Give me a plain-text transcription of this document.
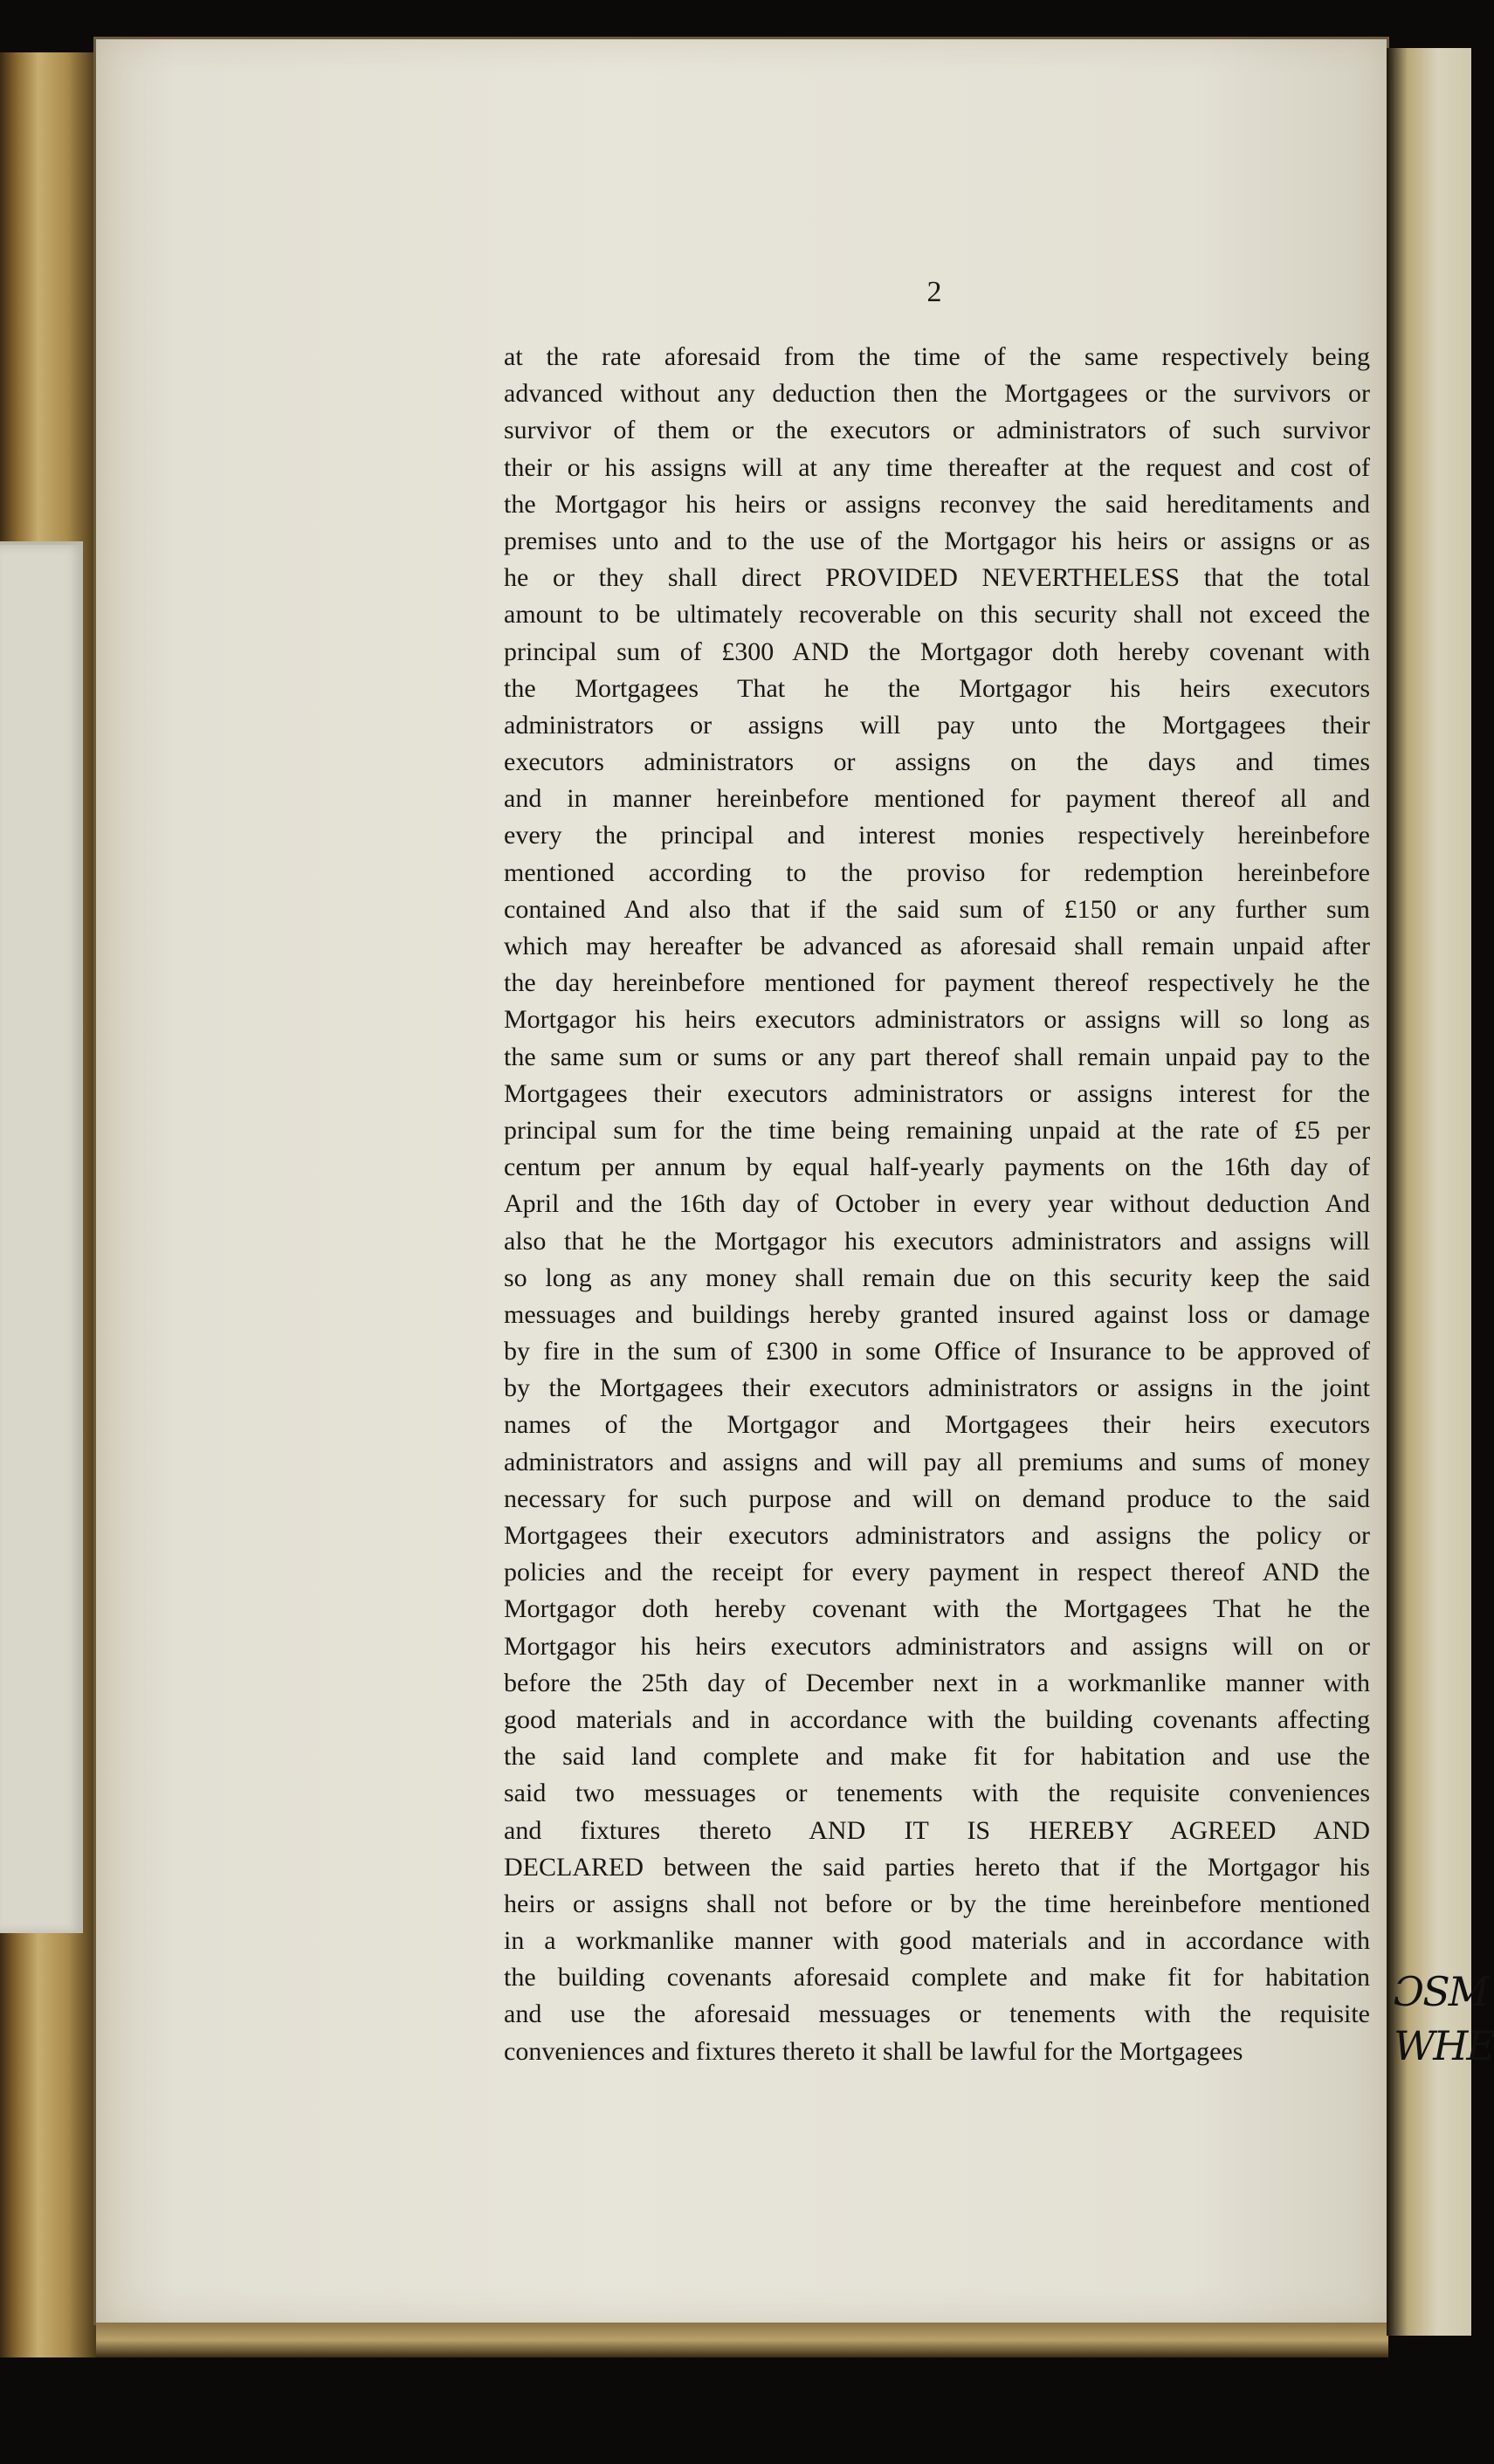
ƆSM
WHE
2
at the rate aforesaid from the time of the same respectively being
advanced without any deduction then the Mortgagees or the survivors or
survivor of them or the executors or administrators of such survivor
their or his assigns will at any time thereafter at the request and cost of
the Mortgagor his heirs or assigns reconvey the said hereditaments and
premises unto and to the use of the Mortgagor his heirs or assigns or as
he or they shall direct PROVIDED NEVERTHELESS that the total
amount to be ultimately recoverable on this security shall not exceed the
principal sum of £300 AND the Mortgagor doth hereby covenant with
the Mortgagees That he the Mortgagor his heirs executors
administrators or assigns will pay unto the Mortgagees their
executors administrators or assigns on the days and times
and in manner hereinbefore mentioned for payment thereof all and
every the principal and interest monies respectively hereinbefore
mentioned according to the proviso for redemption hereinbefore
contained And also that if the said sum of £150 or any further sum
which may hereafter be advanced as aforesaid shall remain unpaid after
the day hereinbefore mentioned for payment thereof respectively he the
Mortgagor his heirs executors administrators or assigns will so long as
the same sum or sums or any part thereof shall remain unpaid pay to the
Mortgagees their executors administrators or assigns interest for the
principal sum for the time being remaining unpaid at the rate of £5 per
centum per annum by equal half-yearly payments on the 16th day of
April and the 16th day of October in every year without deduction And
also that he the Mortgagor his executors administrators and assigns will
so long as any money shall remain due on this security keep the said
messuages and buildings hereby granted insured against loss or damage
by fire in the sum of £300 in some Office of Insurance to be approved of
by the Mortgagees their executors administrators or assigns in the joint
names of the Mortgagor and Mortgagees their heirs executors
administrators and assigns and will pay all premiums and sums of money
necessary for such purpose and will on demand produce to the said
Mortgagees their executors administrators and assigns the policy or
policies and the receipt for every payment in respect thereof AND the
Mortgagor doth hereby covenant with the Mortgagees That he the
Mortgagor his heirs executors administrators and assigns will on or
before the 25th day of December next in a workmanlike manner with
good materials and in accordance with the building covenants affecting
the said land complete and make fit for habitation and use the
said two messuages or tenements with the requisite conveniences
and fixtures thereto AND IT IS HEREBY AGREED AND
DECLARED between the said parties hereto that if the Mortgagor his
heirs or assigns shall not before or by the time hereinbefore mentioned
in a workmanlike manner with good materials and in accordance with
the building covenants aforesaid complete and make fit for habitation
and use the aforesaid messuages or tenements with the requisite
conveniences and fixtures thereto it shall be lawful for the Mortgagees
